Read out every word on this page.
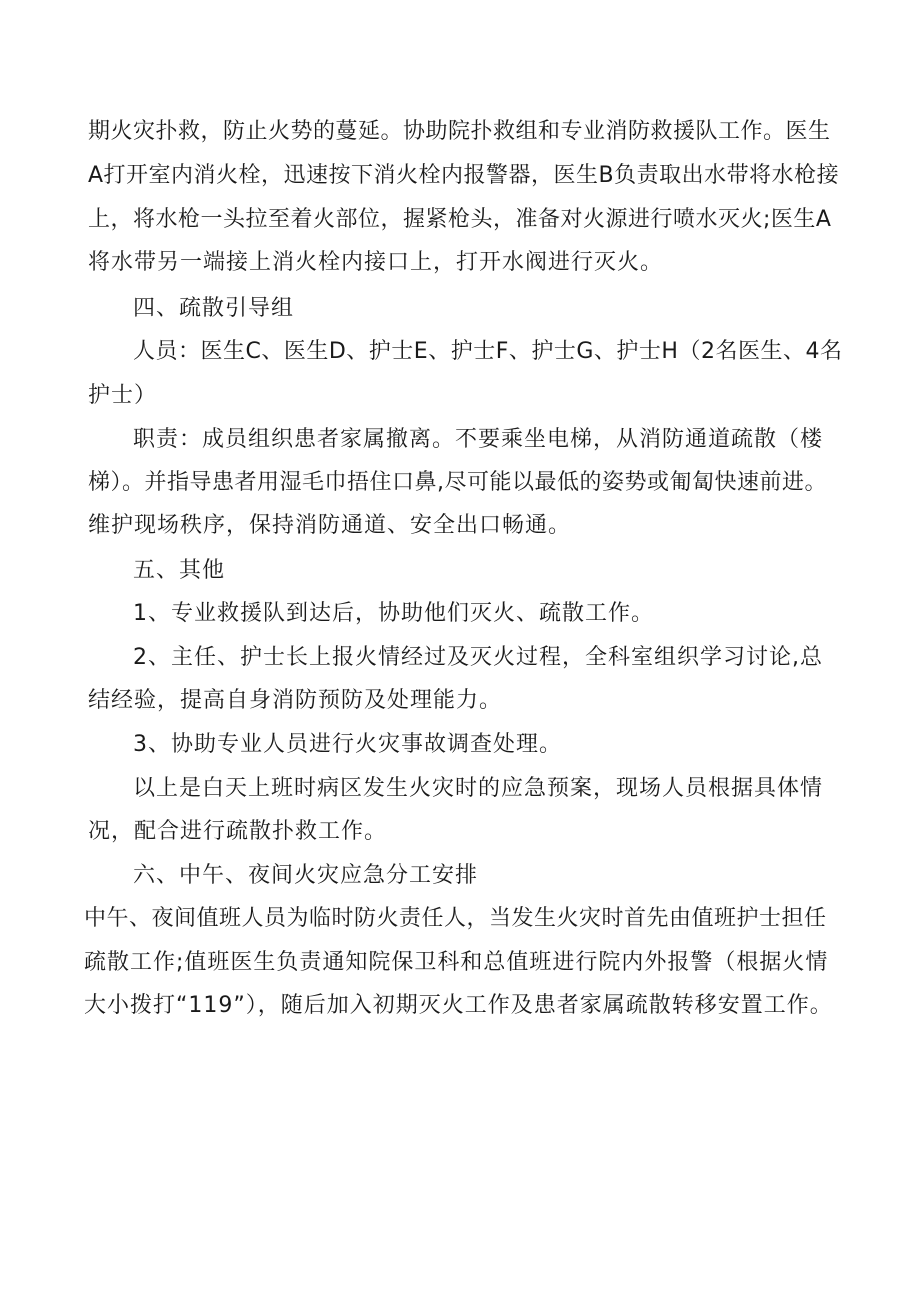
期火灾扑救，防止火势的蔓延。协助院扑救组和专业消防救援队工作。医生
A打开室内消火栓，迅速按下消火栓内报警器，医生B负责取出水带将水枪接
上，将水枪一头拉至着火部位，握紧枪头，准备对火源进行喷水灭火;医生A
将水带另一端接上消火栓内接口上，打开水阀进行灭火。
四、疏散引导组
人员：医生C、医生D、护士E、护士F、护士G、护士H（2名医生、4名
护士）
职责：成员组织患者家属撤离。不要乘坐电梯，从消防通道疏散（楼
梯）。并指导患者用湿毛巾捂住口鼻,尽可能以最低的姿势或匍匐快速前进。
维护现场秩序，保持消防通道、安全出口畅通。
五、其他
1、专业救援队到达后，协助他们灭火、疏散工作。
2、主任、护士长上报火情经过及灭火过程，全科室组织学习讨论,总
结经验，提高自身消防预防及处理能力。
3、协助专业人员进行火灾事故调查处理。
以上是白天上班时病区发生火灾时的应急预案，现场人员根据具体情
况，配合进行疏散扑救工作。
六、中午、夜间火灾应急分工安排
中午、夜间值班人员为临时防火责任人，当发生火灾时首先由值班护士担任
疏散工作;值班医生负责通知院保卫科和总值班进行院内外报警（根据火情
大小拨打“119”），随后加入初期灭火工作及患者家属疏散转移安置工作。
